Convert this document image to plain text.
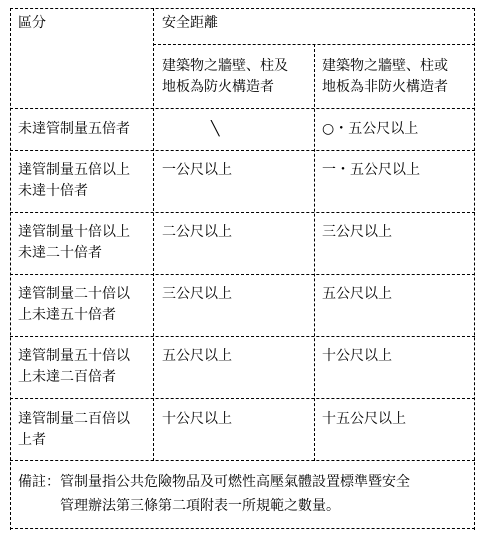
區分	安全距離
建築物之牆壁、柱及
地板為防火構造者
建築物之牆壁、柱或
地板為非防火構造者
未達管制量五倍者	╲	○・五公尺以上
達管制量五倍以上
未達十倍者
一公尺以上	一・五公尺以上
達管制量十倍以上
未達二十倍者
二公尺以上	三公尺以上
達管制量二十倍以
上未達五十倍者
三公尺以上	五公尺以上
達管制量五十倍以
上未達二百倍者
五公尺以上	十公尺以上
達管制量二百倍以
上者
十公尺以上	十五公尺以上
備註：管制量指公共危險物品及可燃性高壓氣體設置標準暨安全
管理辦法第三條第二項附表一所規範之數量。
